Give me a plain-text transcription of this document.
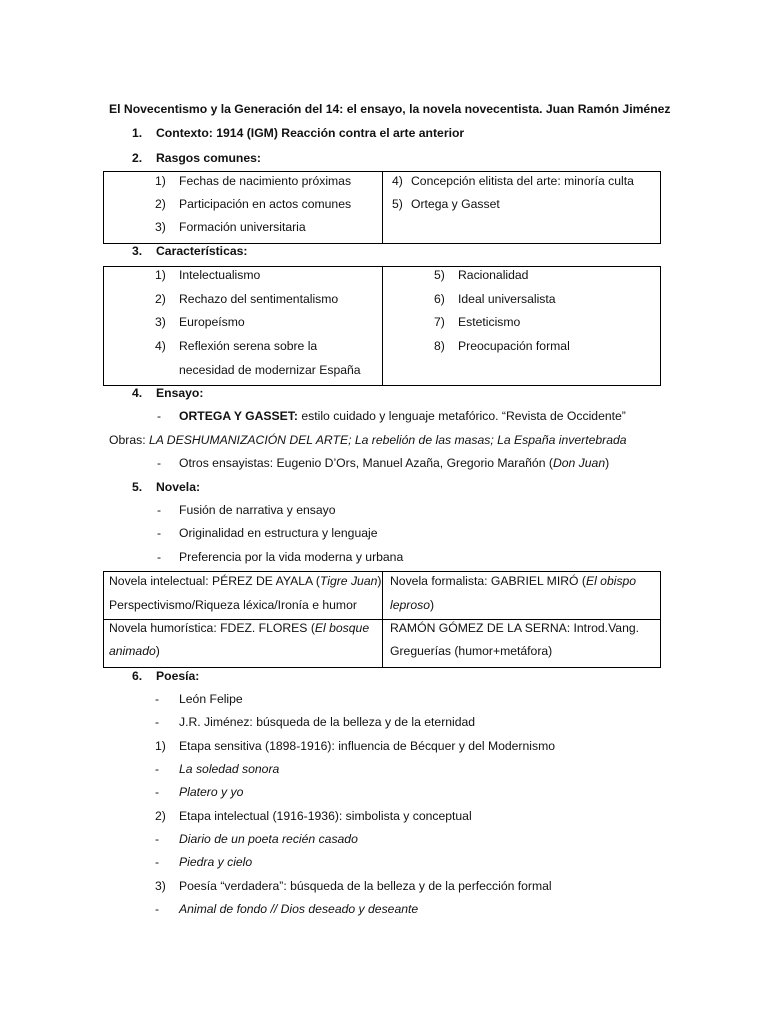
El Novecentismo y la Generación del 14: el ensayo, la novela novecentista. Juan Ramón Jiménez
1. Contexto: 1914 (IGM) Reacción contra el arte anterior
2. Rasgos comunes:
1) Fechas de nacimiento próximas
2) Participación en actos comunes
3) Formación universitaria
4) Concepción elitista del arte: minoría culta
5) Ortega y Gasset
3. Características:
1) Intelectualismo
2) Rechazo del sentimentalismo
3) Europeísmo
4) Reflexión serena sobre la
necesidad de modernizar España
5) Racionalidad
6) Ideal universalista
7) Esteticismo
8) Preocupación formal
4. Ensayo:
- ORTEGA Y GASSET: estilo cuidado y lenguaje metafórico. “Revista de Occidente”
Obras: LA DESHUMANIZACIÓN DEL ARTE; La rebelión de las masas; La España invertebrada
- Otros ensayistas: Eugenio D’Ors, Manuel Azaña, Gregorio Marañón (Don Juan)
5. Novela:
- Fusión de narrativa y ensayo
- Originalidad en estructura y lenguaje
- Preferencia por la vida moderna y urbana
Novela intelectual: PÉREZ DE AYALA (Tigre Juan)
Perspectivismo/Riqueza léxica/Ironía e humor
Novela formalista: GABRIEL MIRÓ (El obispo
leproso)
Novela humorística: FDEZ. FLORES (El bosque
animado)
RAMÓN GÓMEZ DE LA SERNA: Introd.Vang.
Greguerías (humor+metáfora)
6. Poesía:
- León Felipe
- J.R. Jiménez: búsqueda de la belleza y de la eternidad
1) Etapa sensitiva (1898-1916): influencia de Bécquer y del Modernismo
- La soledad sonora
- Platero y yo
2) Etapa intelectual (1916-1936): simbolista y conceptual
- Diario de un poeta recién casado
- Piedra y cielo
3) Poesía “verdadera”: búsqueda de la belleza y de la perfección formal
- Animal de fondo // Dios deseado y deseante
